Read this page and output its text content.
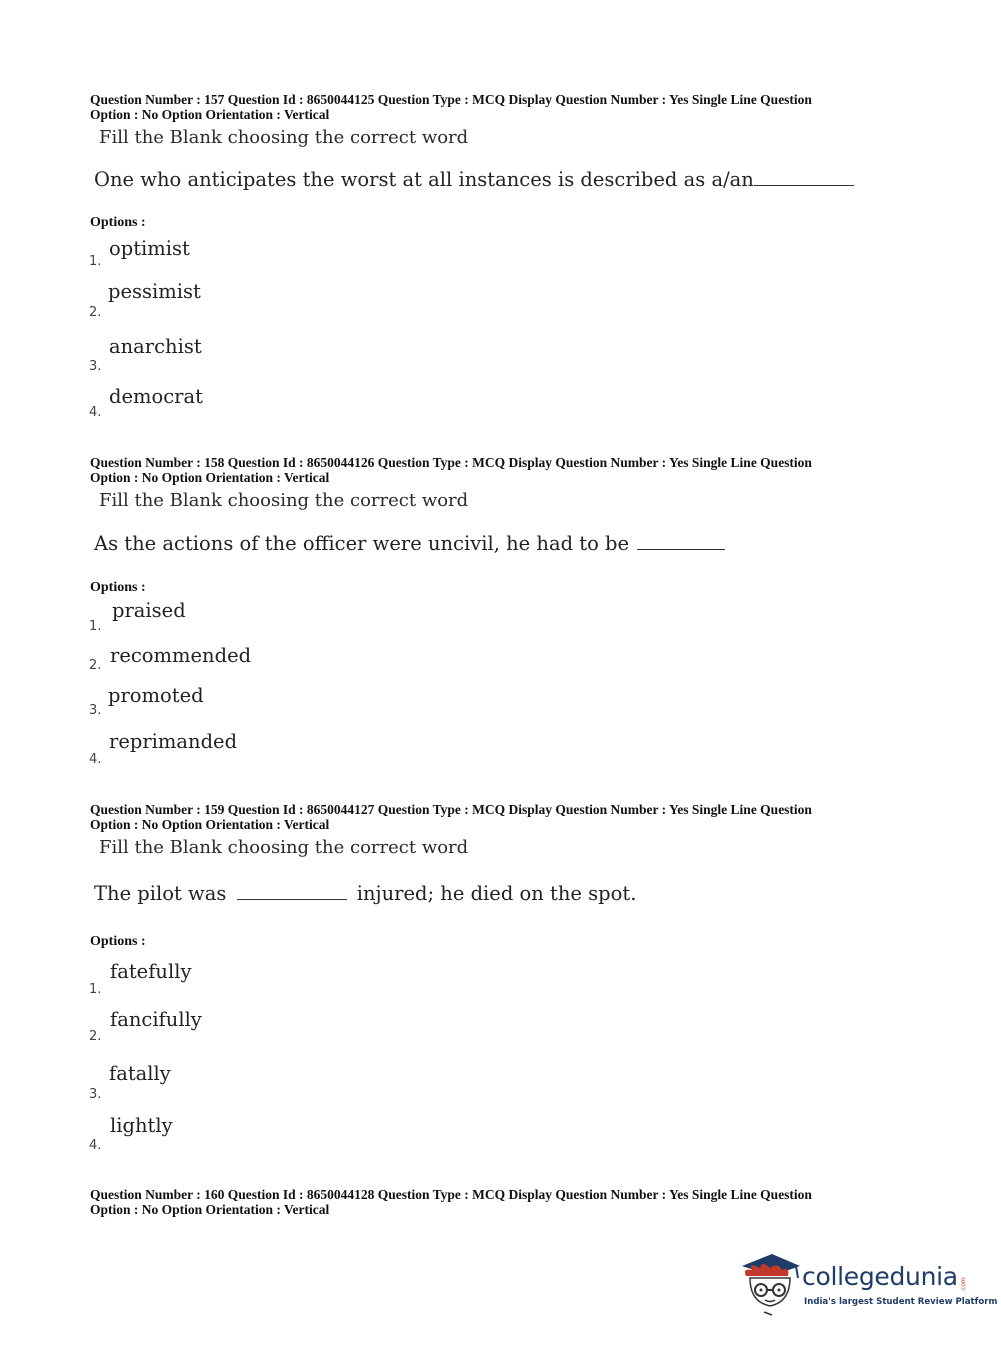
Question Number : 157 Question Id : 8650044125 Question Type : MCQ Display Question Number : Yes Single Line Question
Option : No Option Orientation : Vertical
Fill the Blank choosing the correct word
One who anticipates the worst at all instances is described as a/an
Options :
1.
optimist
2.
pessimist
3.
anarchist
4.
democrat
Question Number : 158 Question Id : 8650044126 Question Type : MCQ Display Question Number : Yes Single Line Question
Option : No Option Orientation : Vertical
Fill the Blank choosing the correct word
As the actions of the officer were uncivil, he had to be
Options :
1.
praised
2. recommended
3.
promoted
4.
reprimanded
Question Number : 159 Question Id : 8650044127 Question Type : MCQ Display Question Number : Yes Single Line Question
Option : No Option Orientation : Vertical
Fill the Blank choosing the correct word
The pilot was	injured; he died on the spot.
Options :
1.
fatefully
2.
fancifully
3.
fatally
4.
lightly
Question Number : 160 Question Id : 8650044128 Question Type : MCQ Display Question Number : Yes Single Line Question
Option : No Option Orientation : Vertical
collegedunia .com
India's largest Student Review Platform
